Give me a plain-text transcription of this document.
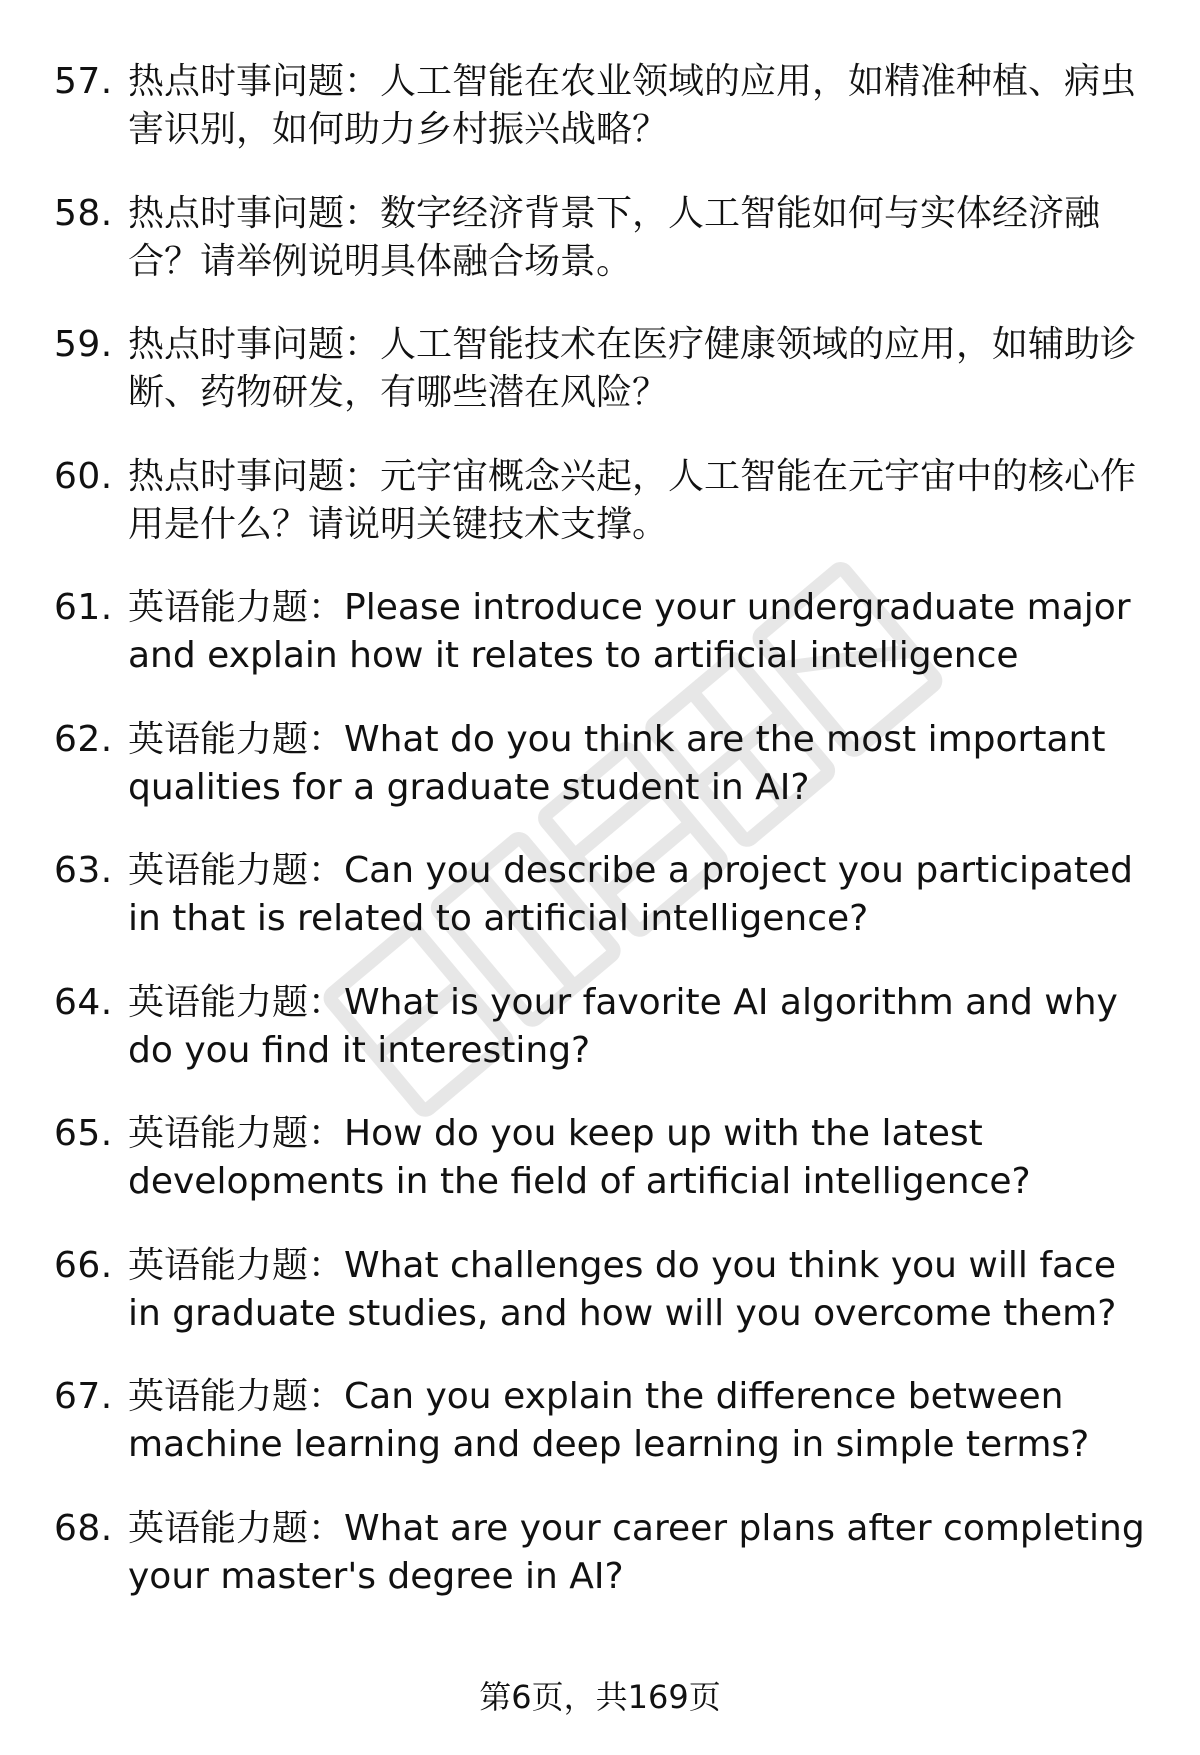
57. 热点时事问题：人工智能在农业领域的应用，如精准种植、病虫害识别，如何助力乡村振兴战略？
58. 热点时事问题：数字经济背景下，人工智能如何与实体经济融合？请举例说明具体融合场景。
59. 热点时事问题：人工智能技术在医疗健康领域的应用，如辅助诊断、药物研发，有哪些潜在风险？
60. 热点时事问题：元宇宙概念兴起，人工智能在元宇宙中的核心作用是什么？请说明关键技术支撑。
61. 英语能力题：Please introduce your undergraduate major and explain how it relates to artificial intelligence
62. 英语能力题：What do you think are the most important qualities for a graduate student in AI?
63. 英语能力题：Can you describe a project you participated in that is related to artificial intelligence?
64. 英语能力题：What is your favorite AI algorithm and why do you find it interesting?
65. 英语能力题：How do you keep up with the latest developments in the field of artificial intelligence?
66. 英语能力题：What challenges do you think you will face in graduate studies, and how will you overcome them?
67. 英语能力题：Can you explain the difference between machine learning and deep learning in simple terms?
68. 英语能力题：What are your career plans after completing your master's degree in AI?
第6页，共169页
